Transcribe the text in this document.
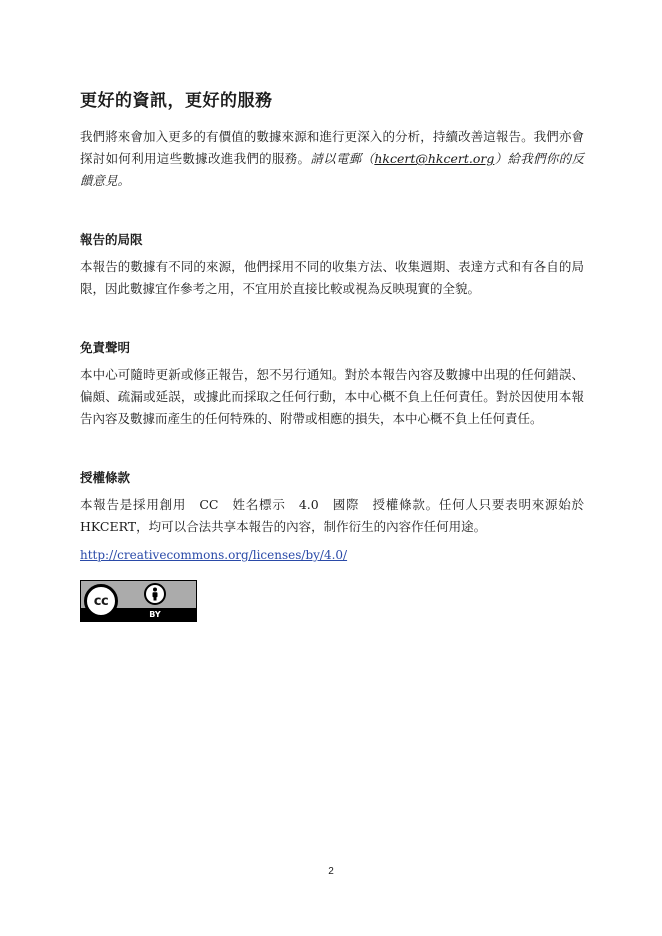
更好的資訊，更好的服務

我們將來會加入更多的有價值的數據來源和進行更深入的分析，持續改善這報告。我們亦會探討如何利用這些數據改進我們的服務。請以電郵（hkcert@hkcert.org）給我們你的反饋意見。

報告的局限

本報告的數據有不同的來源，他們採用不同的收集方法、收集週期、表達方式和有各自的局限，因此數據宜作參考之用，不宜用於直接比較或視為反映現實的全貌。

免責聲明

本中心可隨時更新或修正報告，恕不另行通知。對於本報告內容及數據中出現的任何錯誤、偏頗、疏漏或延誤，或據此而採取之任何行動，本中心概不負上任何責任。對於因使用本報告內容及數據而產生的任何特殊的、附帶或相應的損失，本中心概不負上任何責任。

授權條款

本報告是採用創用　CC　姓名標示　4.0　國際　授權條款。任何人只要表明來源始於HKCERT，均可以合法共享本報告的內容，制作衍生的內容作任何用途。

http://creativecommons.org/licenses/by/4.0/
cc
BY
2
